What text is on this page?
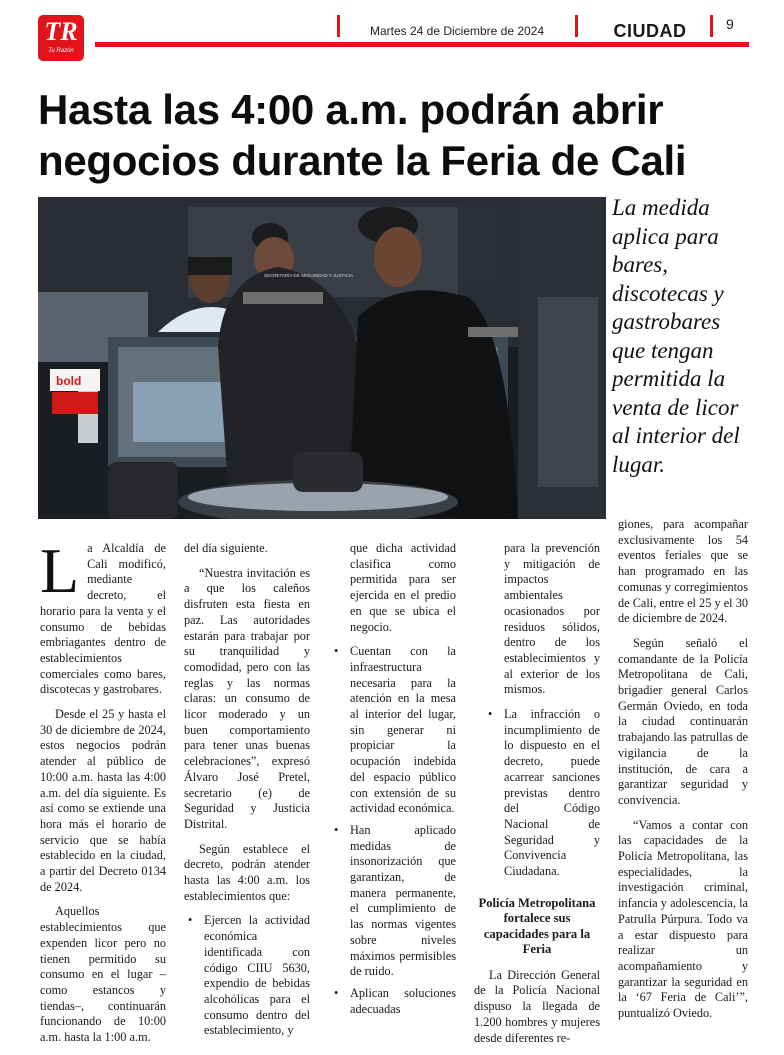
TR
Tu Razón
Martes 24 de Diciembre de 2024	CIUDAD	9
Hasta las 4:00 a.m. podrán abrir negocios durante la Feria de Cali
bold
SECRETARÍA DE SEGURIDAD Y JUSTICIA

La medida aplica para bares, discotecas y gastrobares que tengan permitida la venta de licor al interior del lugar.

La Alcaldía de Cali modificó, mediante decreto, el horario para la venta y el consumo de bebidas embriagantes dentro de establecimientos comerciales como bares, discotecas y gastrobares.

Desde el 25 y hasta el 30 de diciembre de 2024, estos negocios podrán atender al público de 10:00 a.m. hasta las 4:00 a.m. del día siguiente. Es así como se extiende una hora más el horario de servicio que se había establecido en la ciudad, a partir del Decreto 0134 de 2024.

Aquellos establecimientos que expenden licor pero no tienen permitido su consumo en el lugar –como estancos y tiendas–, continuarán funcionando de 10:00 a.m. hasta la 1:00 a.m.

del día siguiente.

“Nuestra invitación es a que los caleños disfruten esta fiesta en paz. Las autoridades estarán para trabajar por su tranquilidad y comodidad, pero con las reglas y las normas claras: un consumo de licor moderado y un buen comportamiento para tener unas buenas celebraciones”, expresó Álvaro José Pretel, secretario (e) de Seguridad y Justicia Distrital.

Según establece el decreto, podrán atender hasta las 4:00 a.m. los establecimientos que:

• Ejercen la actividad económica identificada con código CIIU 5630, expendio de bebidas alcohólicas para el consumo dentro del establecimiento, y

que dicha actividad clasifica como permitida para ser ejercida en el predio en que se ubica el negocio.

• Cuentan con la infraestructura necesaria para la atención en la mesa al interior del lugar, sin generar ni propiciar la ocupación indebida del espacio público con extensión de su actividad económica.
• Han aplicado medidas de insonorización que garantizan, de manera permanente, el cumplimiento de las normas vigentes sobre niveles máximos permisibles de ruido.
• Aplican soluciones adecuadas

para la prevención y mitigación de impactos ambientales ocasionados por residuos sólidos, dentro de los establecimientos y al exterior de los mismos.

• La infracción o incumplimiento de lo dispuesto en el decreto, puede acarrear sanciones previstas dentro del Código Nacional de Seguridad y Convivencia Ciudadana.
Policía Metropolitana fortalece sus capacidades para la Feria

La Dirección General de la Policía Nacional dispuso la llegada de 1.200 hombres y mujeres desde diferentes re-

giones, para acompañar exclusivamente los 54 eventos feriales que se han programado en las comunas y corregimientos de Cali, entre el 25 y el 30 de diciembre de 2024.

Según señaló el comandante de la Policía Metropolitana de Cali, brigadier general Carlos Germán Oviedo, en toda la ciudad continuarán trabajando las patrullas de vigilancia de la institución, de cara a garantizar seguridad y convivencia.

“Vamos a contar con las capacidades de la Policía Metropolitana, las especialidades, la investigación criminal, infancia y adolescencia, la Patrulla Púrpura. Todo va a estar dispuesto para realizar un acompañamiento y garantizar la seguridad en la ‘67 Feria de Cali’”, puntualizó Oviedo.
